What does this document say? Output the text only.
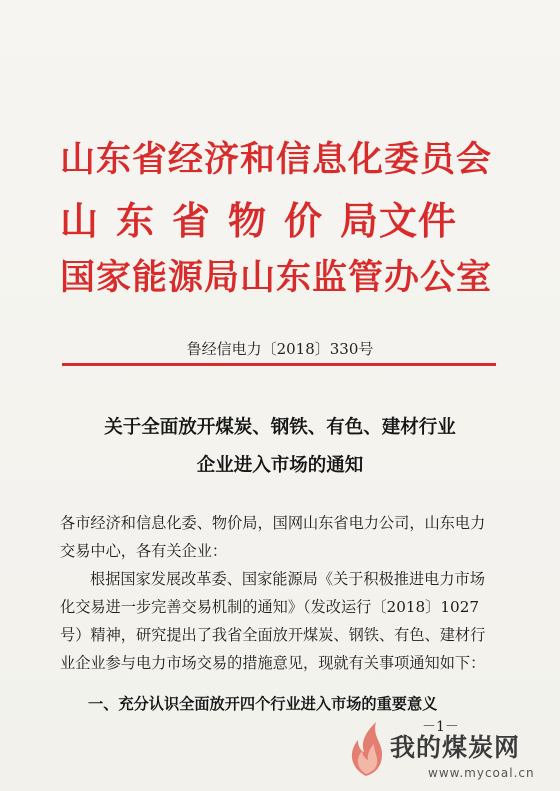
山东省经济和信息化委员会
山东省物价局文件
国家能源局山东监管办公室
鲁经信电力〔2018〕330号
关于全面放开煤炭、钢铁、有色、建材行业
企业进入市场的通知
各市经济和信息化委、物价局，国网山东省电力公司，山东电力交易中心，各有关企业：
根据国家发展改革委、国家能源局《关于积极推进电力市场化交易进一步完善交易机制的通知》（发改运行〔2018〕1027号）精神，研究提出了我省全面放开煤炭、钢铁、有色、建材行业企业参与电力市场交易的措施意见，现就有关事项通知如下：
一、充分认识全面放开四个行业进入市场的重要意义
－1－
我的煤炭网
www.mycoal.cn
